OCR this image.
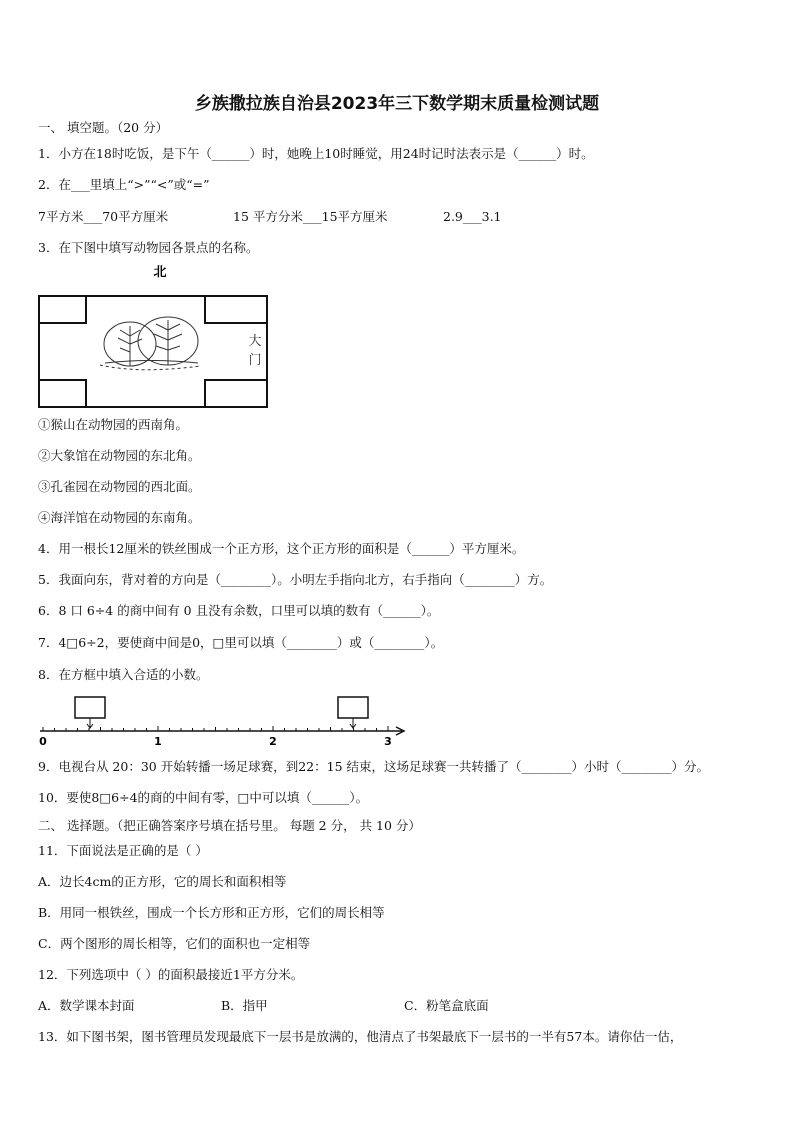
乡族撒拉族自治县2023年三下数学期末质量检测试题
一、 填空题。（20 分）
1．小方在18时吃饭，是下午（______）时，她晚上10时睡觉，用24时记时法表示是（______）时。
2．在___里填上“>”“<”或“=”
7平方米___70平方厘米	15 平方分米___15平方厘米	2.9___3.1
3．在下图中填写动物园各景点的名称。
北
大
门
①猴山在动物园的西南角。
②大象馆在动物园的东北角。
③孔雀园在动物园的西北面。
④海洋馆在动物园的东南角。
4．用一根长12厘米的铁丝围成一个正方形，这个正方形的面积是（______）平方厘米。
5．我面向东，背对着的方向是（________）。小明左手指向北方，右手指向（________）方。
6．8 口 6÷4 的商中间有 0 且没有余数，口里可以填的数有（______）。
7．4□6÷2，要使商中间是0，□里可以填（________）或（________）。
8．在方框中填入合适的小数。
0	1	2	3
9．电视台从 20：30 开始转播一场足球赛，到22：15 结束，这场足球赛一共转播了（________）小时（________）分。
10．要使8□6÷4的商的中间有零，□中可以填（______）。
二、 选择题。（把正确答案序号填在括号里。 每题 2 分， 共 10 分）
11．下面说法是正确的是（ ）
A．边长4cm的正方形，它的周长和面积相等
B．用同一根铁丝，围成一个长方形和正方形，它们的周长相等
C．两个图形的周长相等，它们的面积也一定相等
12．下列选项中（ ）的面积最接近1平方分米。
A．数学课本封面	B．指甲	C．粉笔盒底面
13．如下图书架，图书管理员发现最底下一层书是放满的，他清点了书架最底下一层书的一半有57本。请你估一估，
